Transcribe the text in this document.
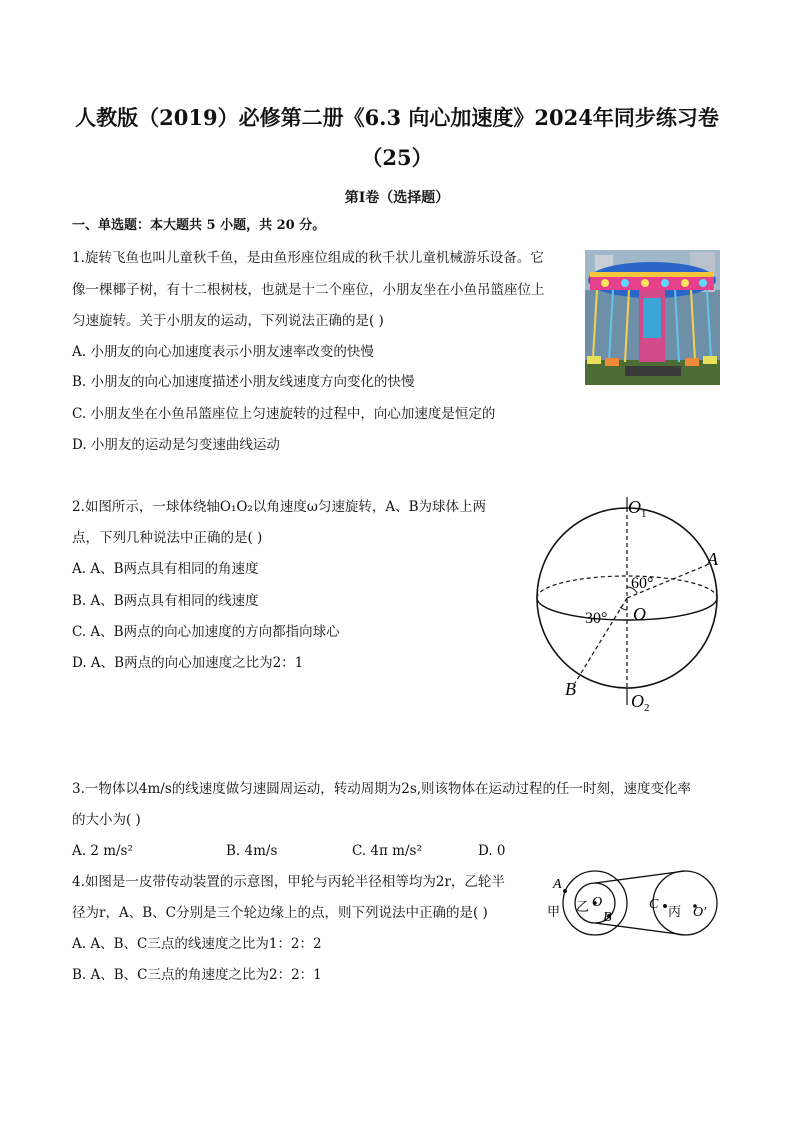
人教版（2019）必修第二册《6.3 向心加速度》2024年同步练习卷
（25）
第Ⅰ卷（选择题）
一、单选题：本大题共 5 小题，共 20 分。
1.旋转飞鱼也叫儿童秋千鱼，是由鱼形座位组成的秋千状儿童机械游乐设备。它
像一棵椰子树，有十二根树枝，也就是十二个座位，小朋友坐在小鱼吊篮座位上
匀速旋转。关于小朋友的运动，下列说法正确的是( )
A. 小朋友的向心加速度表示小朋友速率改变的快慢
B. 小朋友的向心加速度描述小朋友线速度方向变化的快慢
C. 小朋友坐在小鱼吊篮座位上匀速旋转的过程中，向心加速度是恒定的
D. 小朋友的运动是匀变速曲线运动
2.如图所示，一球体绕轴O₁O₂以角速度ω匀速旋转，A、B为球体上两
点，下列几种说法中正确的是( )
A. A、B两点具有相同的角速度
B. A、B两点具有相同的线速度
C. A、B两点的向心加速度的方向都指向球心
D. A、B两点的向心加速度之比为2：1
$O_1$
A
60°
O
30°
B
$O_2$
3.一物体以4m/s的线速度做匀速圆周运动，转动周期为2s,则该物体在运动过程的任一时刻，速度变化率
的大小为( )
A. 2 m/s²	B. 4m/s	C. 4π m/s²	D. 0
4.如图是一皮带传动装置的示意图，甲轮与丙轮半径相等均为2r，乙轮半
径为r，A、B、C分别是三个轮边缘上的点，则下列说法中正确的是( )
A. A、B、C三点的线速度之比为1：2：2
B. A、B、C三点的角速度之比为2：2：1
A
甲 乙 O
B
C 丙 O′
